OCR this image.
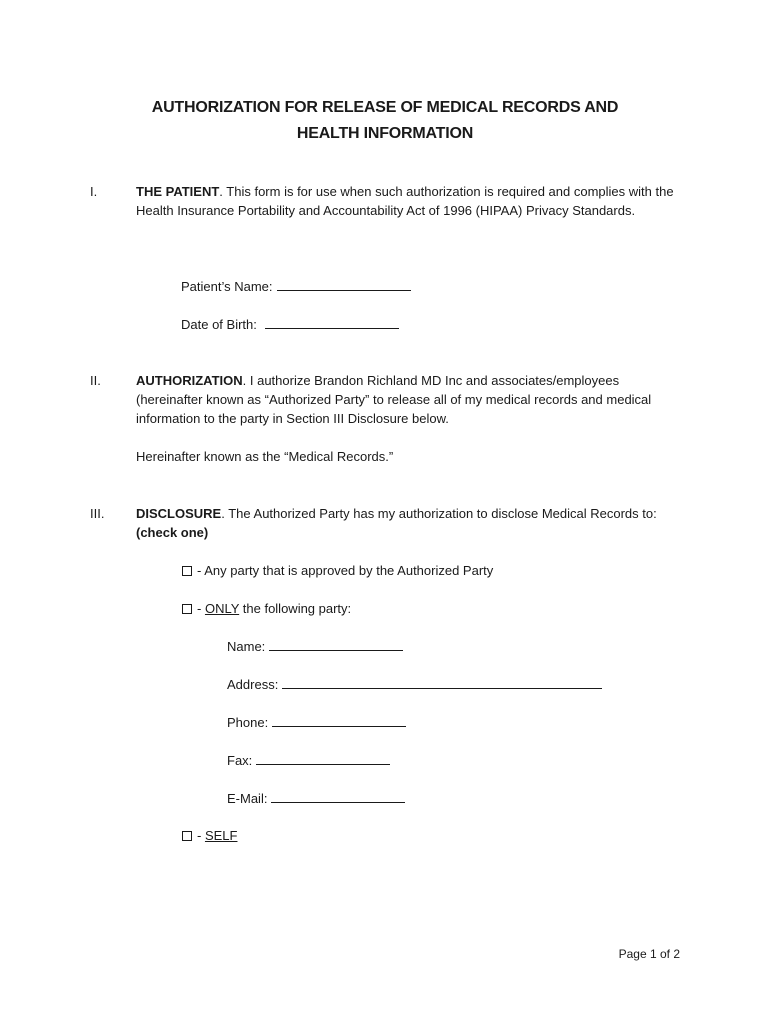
AUTHORIZATION FOR RELEASE OF MEDICAL RECORDS AND
HEALTH INFORMATION
I.	THE PATIENT. This form is for use when such authorization is required and complies with the Health Insurance Portability and Accountability Act of 1996 (HIPAA) Privacy Standards.
Patient’s Name:
Date of Birth:
II.	AUTHORIZATION. I authorize Brandon Richland MD Inc and associates/employees (hereinafter known as “Authorized Party” to release all of my medical records and medical information to the party in Section III Disclosure below.
Hereinafter known as the “Medical Records.”
III. DISCLOSURE. The Authorized Party has my authorization to disclose Medical Records to:
(check one)
- Any party that is approved by the Authorized Party
- ONLY the following party:
Name:
Address:
Phone:
Fax:
E-Mail:
- SELF
Page 1 of 2
